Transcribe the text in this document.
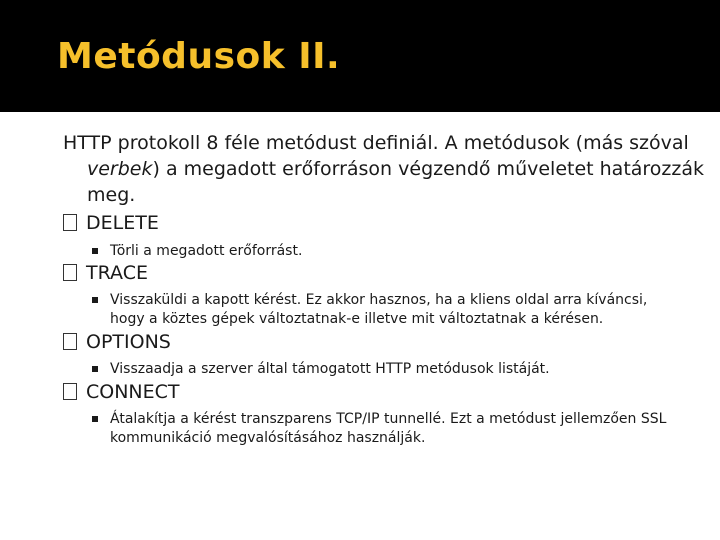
Metódusok II.
HTTP protokoll 8 féle metódust definiál. A metódusok (más szóval verbek) a megadott erőforráson végzendő műveletet határozzák meg.
DELETE
Törli a megadott erőforrást.
TRACE
Visszaküldi a kapott kérést. Ez akkor hasznos, ha a kliens oldal arra kíváncsi, hogy a köztes gépek változtatnak-e illetve mit változtatnak a kérésen.
OPTIONS
Visszaadja a szerver által támogatott HTTP metódusok listáját.
CONNECT
Átalakítja a kérést transzparens TCP/IP tunnellé. Ezt a metódust jellemzően SSL kommunikáció megvalósításához használják.
